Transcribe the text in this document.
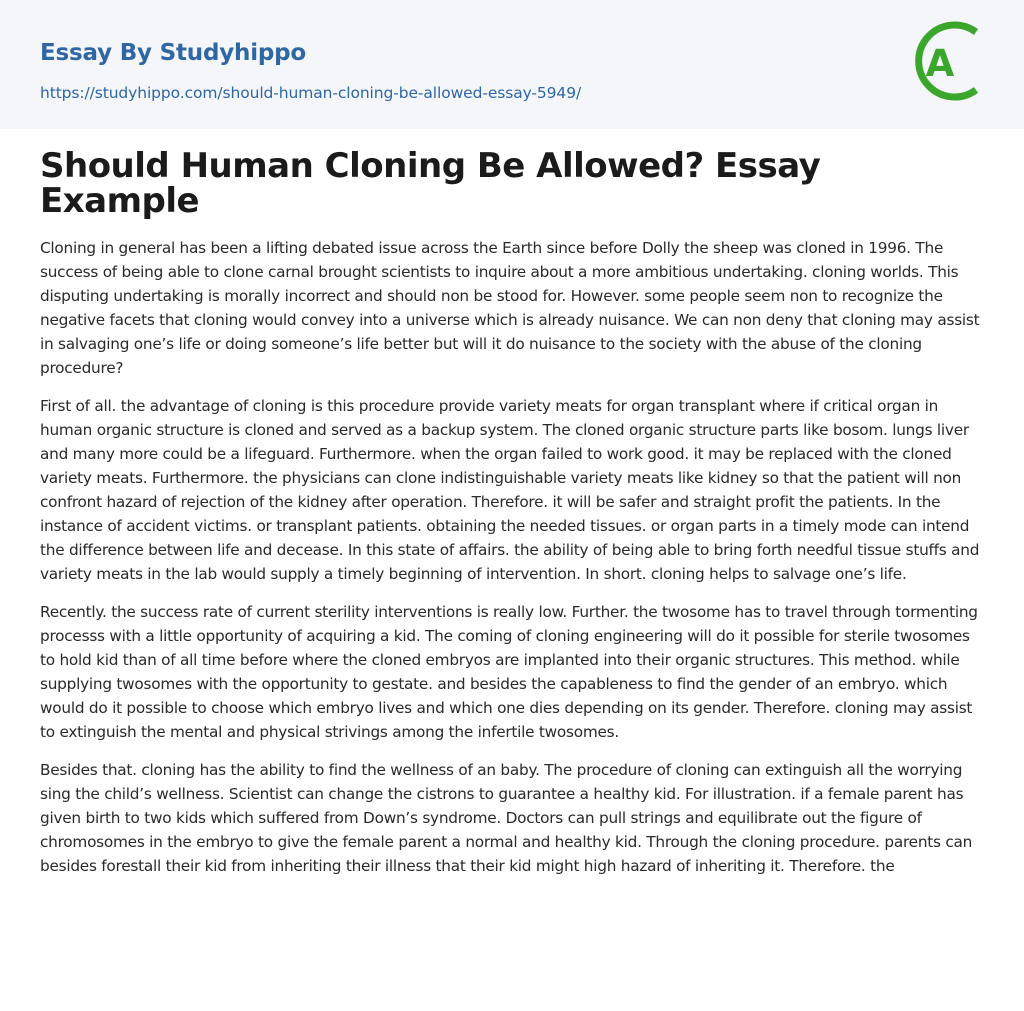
Essay By Studyhippo
https://studyhippo.com/should-human-cloning-be-allowed-essay-5949/
A
Should Human Cloning Be Allowed? Essay Example

Cloning in general has been a lifting debated issue across the Earth since before Dolly the sheep was cloned in 1996. The success of being able to clone carnal brought scientists to inquire about a more ambitious undertaking. cloning worlds. This disputing undertaking is morally incorrect and should non be stood for. However. some people seem non to recognize the negative facets that cloning would convey into a universe which is already nuisance. We can non deny that cloning may assist in salvaging one’s life or doing someone’s life better but will it do nuisance to the society with the abuse of the cloning procedure?

First of all. the advantage of cloning is this procedure provide variety meats for organ transplant where if critical organ in human organic structure is cloned and served as a backup system. The cloned organic structure parts like bosom. lungs liver and many more could be a lifeguard. Furthermore. when the organ failed to work good. it may be replaced with the cloned variety meats. Furthermore. the physicians can clone indistinguishable variety meats like kidney so that the patient will non confront hazard of rejection of the kidney after operation. Therefore. it will be safer and straight profit the patients. In the instance of accident victims. or transplant patients. obtaining the needed tissues. or organ parts in a timely mode can intend the difference between life and decease. In this state of affairs. the ability of being able to bring forth needful tissue stuffs and variety meats in the lab would supply a timely beginning of intervention. In short. cloning helps to salvage one’s life.

Recently. the success rate of current sterility interventions is really low. Further. the twosome has to travel through tormenting processs with a little opportunity of acquiring a kid. The coming of cloning engineering will do it possible for sterile twosomes to hold kid than of all time before where the cloned embryos are implanted into their organic structures. This method. while supplying twosomes with the opportunity to gestate. and besides the capableness to find the gender of an embryo. which would do it possible to choose which embryo lives and which one dies depending on its gender. Therefore. cloning may assist to extinguish the mental and physical strivings among the infertile twosomes.

Besides that. cloning has the ability to find the wellness of an baby. The procedure of cloning can extinguish all the worrying sing the child’s wellness. Scientist can change the cistrons to guarantee a healthy kid. For illustration. if a female parent has given birth to two kids which suffered from Down’s syndrome. Doctors can pull strings and equilibrate out the figure of chromosomes in the embryo to give the female parent a normal and healthy kid. Through the cloning procedure. parents can besides forestall their kid from inheriting their illness that their kid might high hazard of inheriting it. Therefore. the
